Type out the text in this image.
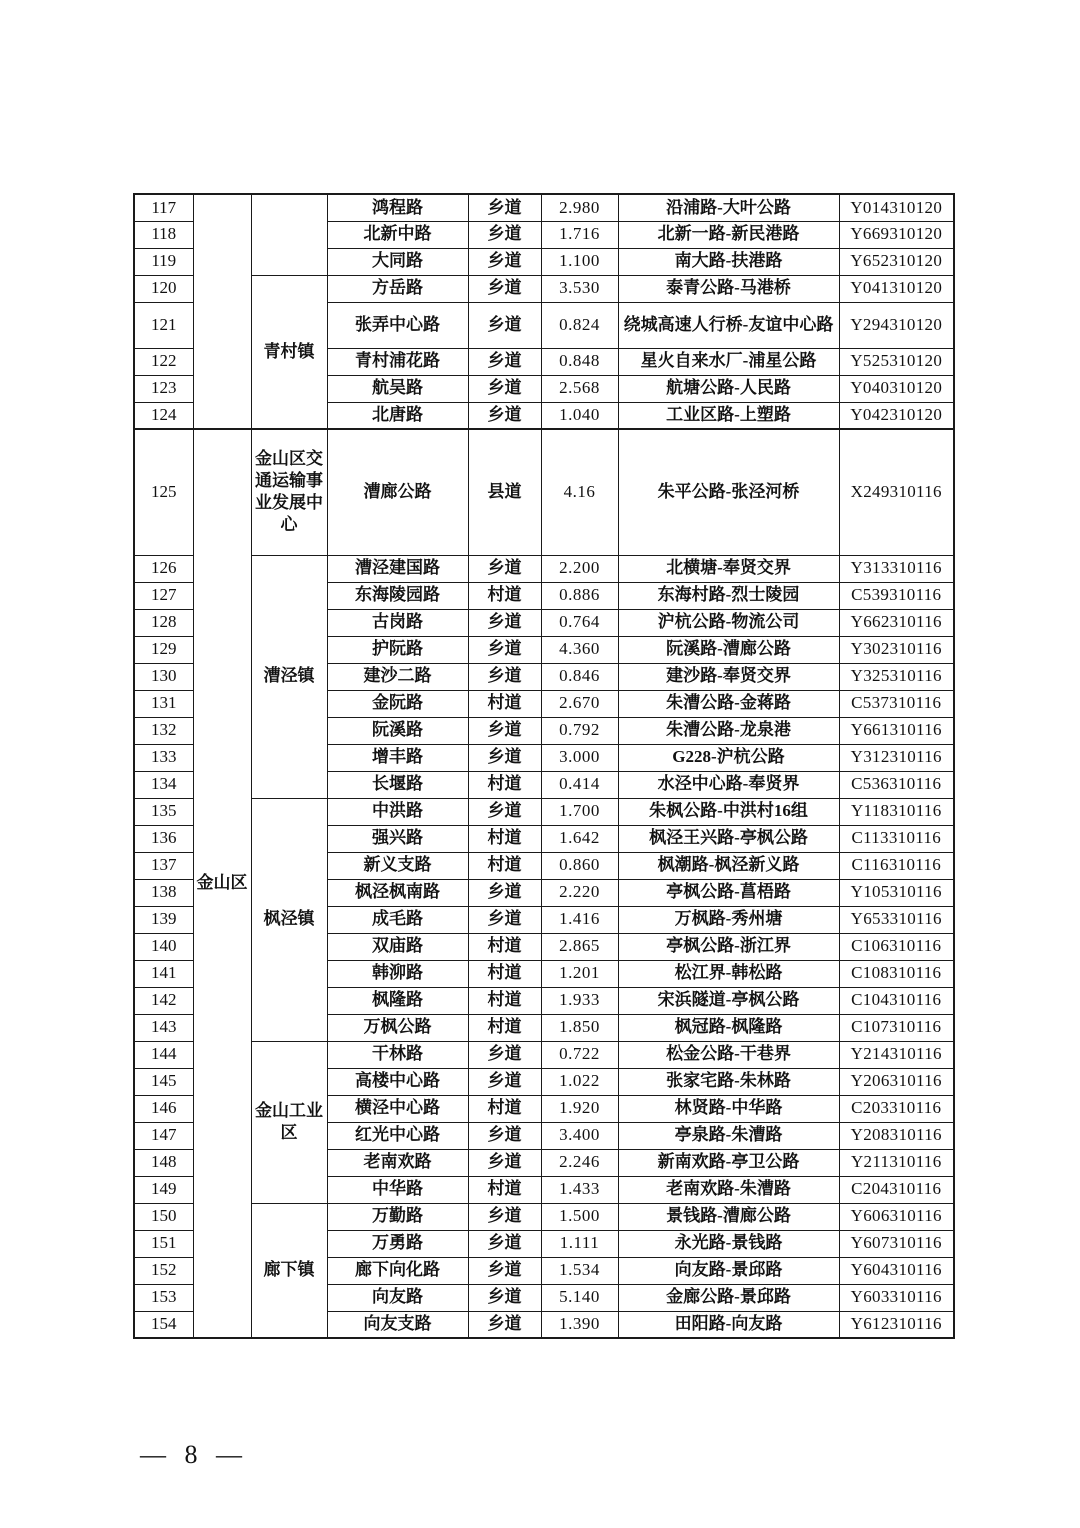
117			鸿程路	乡道	2.980	沿浦路-大叶公路	Y014310120
118			北新中路	乡道	1.716	北新一路-新民港路	Y669310120
119			大同路	乡道	1.100	南大路-扶港路	Y652310120
120		青村镇	方岳路	乡道	3.530	泰青公路-马港桥	Y041310120
121			张弄中心路	乡道	0.824	绕城高速人行桥-友谊中心路	Y294310120
122			青村浦花路	乡道	0.848	星火自来水厂-浦星公路	Y525310120
123			航吴路	乡道	2.568	航塘公路-人民路	Y040310120
124			北唐路	乡道	1.040	工业区路-上塑路	Y042310120
125	金山区	金山区交通运输事业发展中心	漕廊公路	县道	4.16	朱平公路-张泾河桥	X249310116
126		漕泾镇	漕泾建国路	乡道	2.200	北横塘-奉贤交界	Y313310116
127			东海陵园路	村道	0.886	东海村路-烈士陵园	C539310116
128			古岗路	乡道	0.764	沪杭公路-物流公司	Y662310116
129			护阮路	乡道	4.360	阮溪路-漕廊公路	Y302310116
130			建沙二路	乡道	0.846	建沙路-奉贤交界	Y325310116
131			金阮路	村道	2.670	朱漕公路-金蒋路	C537310116
132			阮溪路	乡道	0.792	朱漕公路-龙泉港	Y661310116
133			增丰路	乡道	3.000	G228-沪杭公路	Y312310116
134			长堰路	村道	0.414	水泾中心路-奉贤界	C536310116
135		枫泾镇	中洪路	乡道	1.700	朱枫公路-中洪村16组	Y118310116
136			强兴路	村道	1.642	枫泾王兴路-亭枫公路	C113310116
137			新义支路	村道	0.860	枫潮路-枫泾新义路	C116310116
138			枫泾枫南路	乡道	2.220	亭枫公路-菖梧路	Y105310116
139			成毛路	乡道	1.416	万枫路-秀州塘	Y653310116
140			双庙路	村道	2.865	亭枫公路-浙江界	C106310116
141			韩泖路	村道	1.201	松江界-韩松路	C108310116
142			枫隆路	村道	1.933	宋浜隧道-亭枫公路	C104310116
143			万枫公路	村道	1.850	枫冠路-枫隆路	C107310116
144		金山工业区	干林路	乡道	0.722	松金公路-干巷界	Y214310116
145			高楼中心路	乡道	1.022	张家宅路-朱林路	Y206310116
146			横泾中心路	村道	1.920	林贤路-中华路	C203310116
147			红光中心路	乡道	3.400	亭泉路-朱漕路	Y208310116
148			老南欢路	乡道	2.246	新南欢路-亭卫公路	Y211310116
149			中华路	村道	1.433	老南欢路-朱漕路	C204310116
150		廊下镇	万勤路	乡道	1.500	景钱路-漕廊公路	Y606310116
151			万勇路	乡道	1.111	永光路-景钱路	Y607310116
152			廊下向化路	乡道	1.534	向友路-景邱路	Y604310116
153			向友路	乡道	5.140	金廊公路-景邱路	Y603310116
154			向友支路	乡道	1.390	田阳路-向友路	Y612310116
— 8 —
